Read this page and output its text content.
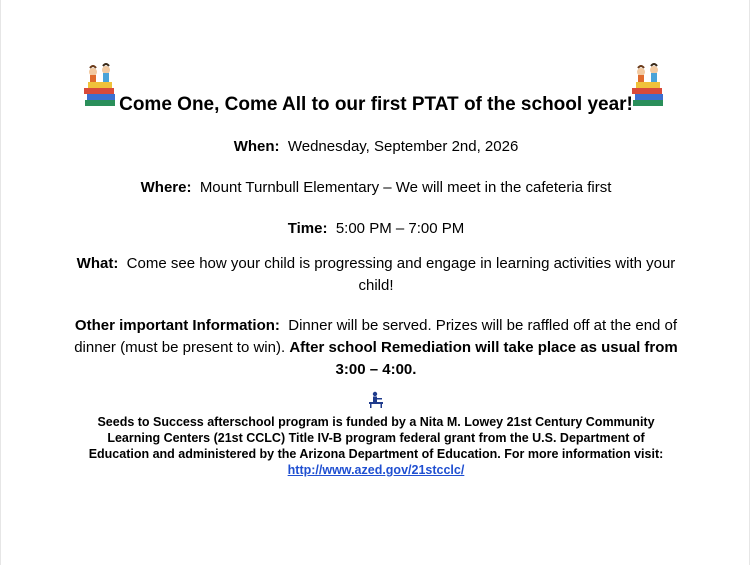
Come One, Come All to our first PTAT of the school year!
When: Wednesday, September 2nd, 2026
Where: Mount Turnbull Elementary – We will meet in the cafeteria first
Time: 5:00 PM – 7:00 PM
What: Come see how your child is progressing and engage in learning activities with your child!
Other important Information: Dinner will be served. Prizes will be raffled off at the end of dinner (must be present to win). After school Remediation will take place as usual from 3:00 – 4:00.
Seeds to Success afterschool program is funded by a Nita M. Lowey 21st Century Community Learning Centers (21st CCLC) Title IV-B program federal grant from the U.S. Department of Education and administered by the Arizona Department of Education. For more information visit: http://www.azed.gov/21stcclc/
